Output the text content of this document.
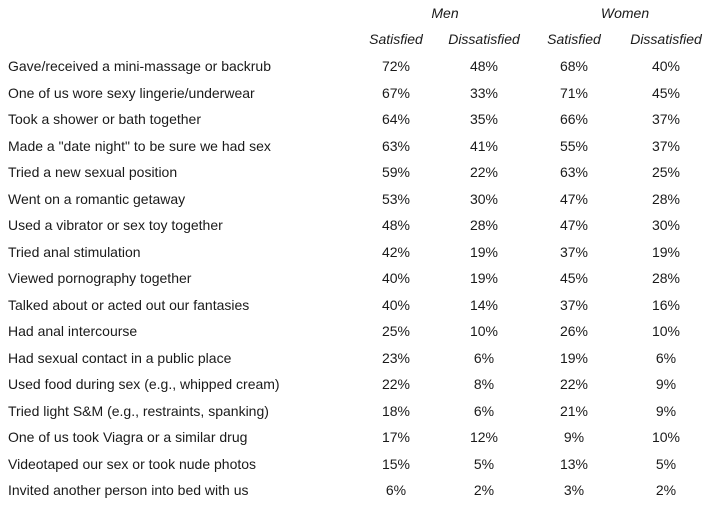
Men	Women
Satisfied	Dissatisfied	Satisfied	Dissatisfied
Gave/received a mini-massage or backrub	72%	48%	68%	40%
One of us wore sexy lingerie/underwear	67%	33%	71%	45%
Took a shower or bath together	64%	35%	66%	37%
Made a "date night" to be sure we had sex	63%	41%	55%	37%
Tried a new sexual position	59%	22%	63%	25%
Went on a romantic getaway	53%	30%	47%	28%
Used a vibrator or sex toy together	48%	28%	47%	30%
Tried anal stimulation	42%	19%	37%	19%
Viewed pornography together	40%	19%	45%	28%
Talked about or acted out our fantasies	40%	14%	37%	16%
Had anal intercourse	25%	10%	26%	10%
Had sexual contact in a public place	23%	6%	19%	6%
Used food during sex (e.g., whipped cream)	22%	8%	22%	9%
Tried light S&M (e.g., restraints, spanking)	18%	6%	21%	9%
One of us took Viagra or a similar drug	17%	12%	9%	10%
Videotaped our sex or took nude photos	15%	5%	13%	5%
Invited another person into bed with us	6%	2%	3%	2%
